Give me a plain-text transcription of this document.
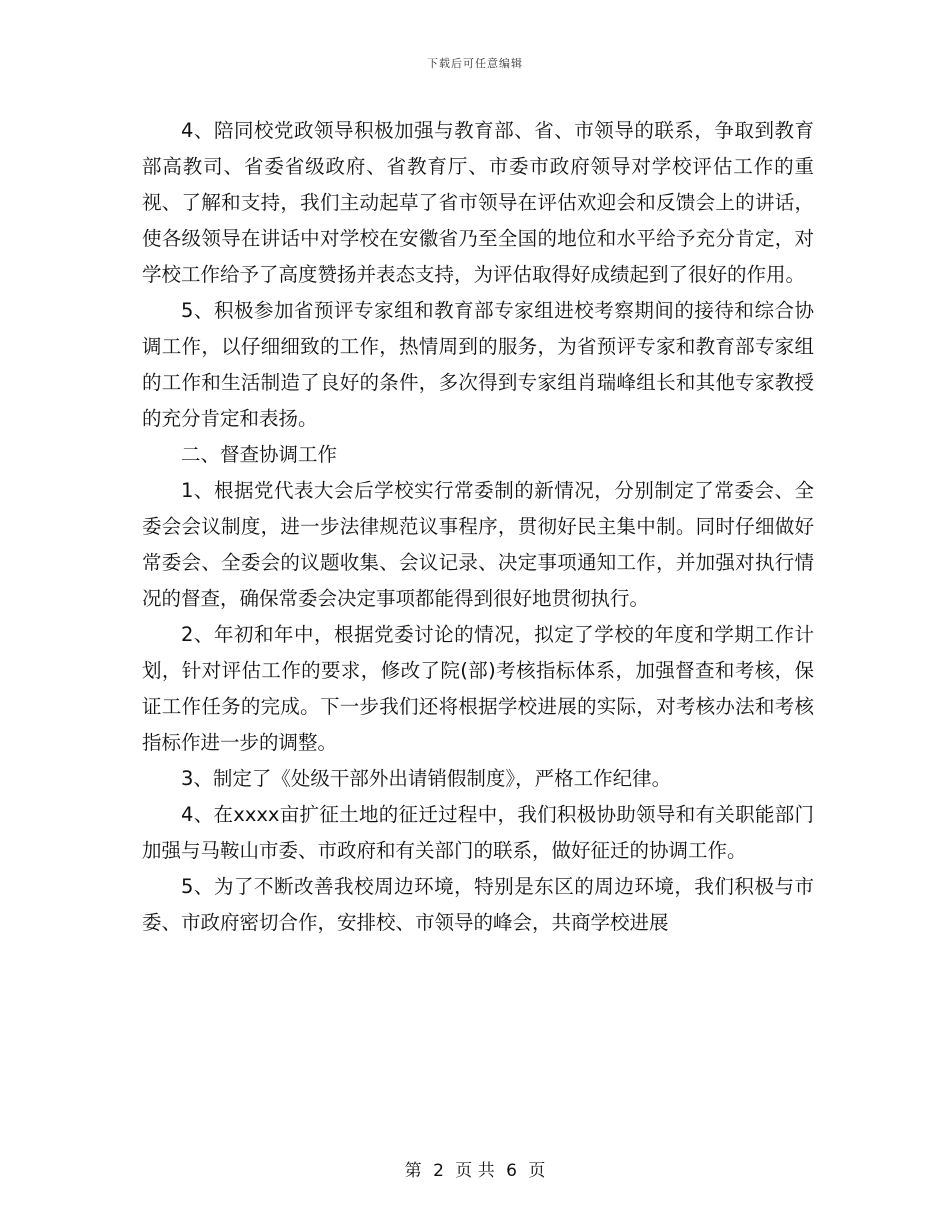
下载后可任意编辑

4、陪同校党政领导积极加强与教育部、省、市领导的联系，争取到教育部高教司、省委省级政府、省教育厅、市委市政府领导对学校评估工作的重视、了解和支持，我们主动起草了省市领导在评估欢迎会和反馈会上的讲话，使各级领导在讲话中对学校在安徽省乃至全国的地位和水平给予充分肯定，对学校工作给予了高度赞扬并表态支持，为评估取得好成绩起到了很好的作用。

5、积极参加省预评专家组和教育部专家组进校考察期间的接待和综合协调工作，以仔细细致的工作，热情周到的服务，为省预评专家和教育部专家组的工作和生活制造了良好的条件，多次得到专家组肖瑞峰组长和其他专家教授的充分肯定和表扬。

二、督查协调工作

1、根据党代表大会后学校实行常委制的新情况，分别制定了常委会、全委会会议制度，进一步法律规范议事程序，贯彻好民主集中制。同时仔细做好常委会、全委会的议题收集、会议记录、决定事项通知工作，并加强对执行情况的督查，确保常委会决定事项都能得到很好地贯彻执行。

2、年初和年中，根据党委讨论的情况，拟定了学校的年度和学期工作计划，针对评估工作的要求，修改了院(部)考核指标体系，加强督查和考核，保证工作任务的完成。下一步我们还将根据学校进展的实际，对考核办法和考核指标作进一步的调整。

3、制定了《处级干部外出请销假制度》，严格工作纪律。

4、在xxxx亩扩征土地的征迁过程中，我们积极协助领导和有关职能部门加强与马鞍山市委、市政府和有关部门的联系，做好征迁的协调工作。

5、为了不断改善我校周边环境，特别是东区的周边环境，我们积极与市委、市政府密切合作，安排校、市领导的峰会，共商学校进展

第 2 页 共 6 页
